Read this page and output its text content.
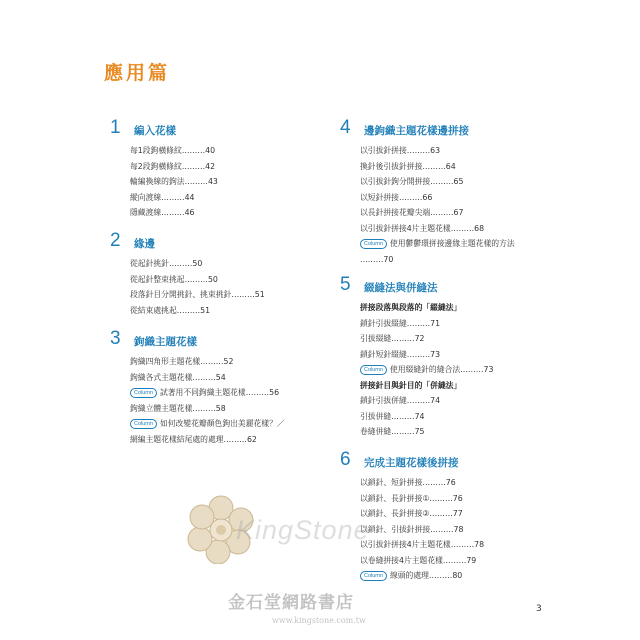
應用篇
1 編入花樣
每1段鉤橫條紋………40
每2段鉤橫條紋………42
輪編換線的鉤法………43
縱向渡線………44
隱藏渡線………46
2 緣邊
從起針挑針………50
從起針整束挑起………50
段落針目分開挑針、挑束挑針………51
從結束處挑起………51
3 鉤織主題花樣
鉤織四角形主題花樣………52
鉤織各式主題花樣………54
Column 試著用不同鉤織主題花樣………56
鉤織立體主題花樣………58
Column 如何改變花瓣顏色鉤出美麗花樣？／
網編主題花樣結尾處的處理………62
4 邊鉤織主題花樣邊拼接
以引拔針拼接………63
換針後引拔針拼接………64
以引拔針鉤分開拼接………65
以短針拼接………66
以長針拼接花瓣尖端………67
以引拔針拼接4片主題花樣………68
Column 使用鬱鬱環拼接邊緣主題花樣的方法
………70
5 綴縫法與併縫法
拼接段落與段落的「綴縫法」
鎖針引拔綴縫………71
引拔綴縫………72
鎖針短針綴縫………73
Column 使用綴縫針的縫合法………73
拼接針目與針目的「併縫法」
鎖針引拔併縫………74
引拔併縫………74
卷縫併縫………75
6 完成主題花樣後拼接
以鎖針、短針拼接………76
以鎖針、長針拼接①………76
以鎖針、長針拼接②………77
以鎖針、引拔針拼接………78
以引拔針拼接4片主題花樣………78
以卷縫拼接4片主題花樣………79
Column 線頭的處理………80
KingStone
金石堂網路書店
www.kingstone.com.tw
3
